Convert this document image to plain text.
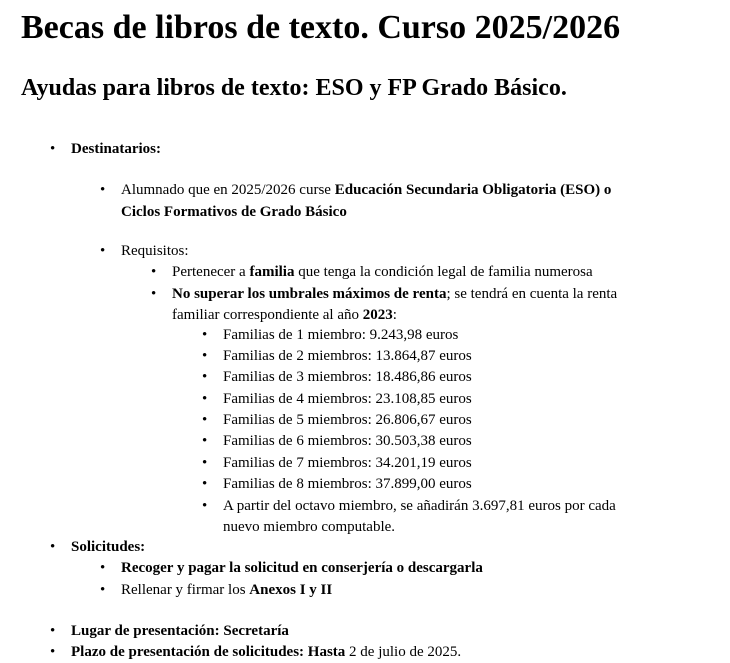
Becas de libros de texto. Curso 2025/2026
Ayudas para libros de texto: ESO y FP Grado Básico.
• Destinatarios:
• Alumnado que en 2025/2026 curse Educación Secundaria Obligatoria (ESO) o
Ciclos Formativos de Grado Básico
• Requisitos:
• Pertenecer a familia que tenga la condición legal de familia numerosa
• No superar los umbrales máximos de renta; se tendrá en cuenta la renta
familiar correspondiente al año 2023:
• Familias de 1 miembro: 9.243,98 euros
• Familias de 2 miembros: 13.864,87 euros
• Familias de 3 miembros: 18.486,86 euros
• Familias de 4 miembros: 23.108,85 euros
• Familias de 5 miembros: 26.806,67 euros
• Familias de 6 miembros: 30.503,38 euros
• Familias de 7 miembros: 34.201,19 euros
• Familias de 8 miembros: 37.899,00 euros
• A partir del octavo miembro, se añadirán 3.697,81 euros por cada
nuevo miembro computable.
• Solicitudes:
• Recoger y pagar la solicitud en conserjería o descargarla
• Rellenar y firmar los Anexos I y II
• Lugar de presentación: Secretaría
• Plazo de presentación de solicitudes: Hasta 2 de julio de 2025.
